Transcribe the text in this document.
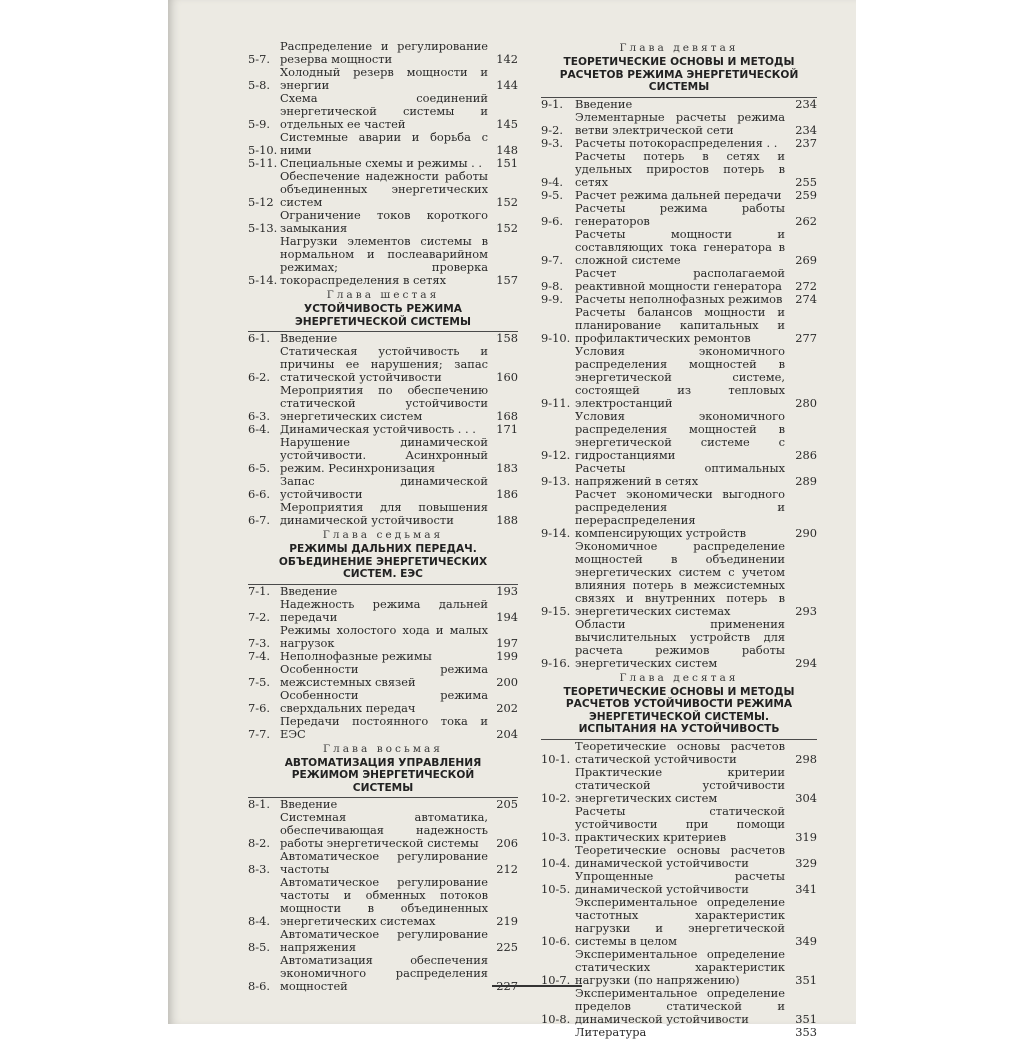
5-7.
Распределение и регулирование резерва мощности	142
5-8.
Холодный резерв мощности и энергии	144
5-9.
Схема соединений энергетической системы и отдельных ее частей	145
5-10.
Системные аварии и борьба с ними	148
5-11. Специальные схемы и режимы . .	151
5-12
Обеспечение надежности работы объединенных энергетических систем	152
5-13.
Ограничение токов короткого замыкания	152
5-14.
Нагрузки элементов системы в нормальном и послеаварийном режимах; проверка токораспределения в сетях	157
Глава шестая
УСТОЙЧИВОСТЬ РЕЖИМА ЭНЕРГЕТИЧЕСКОЙ СИСТЕМЫ
6-1. Введение	158
6-2.
Статическая устойчивость и причины ее нарушения; запас статической устойчивости	160
6-3.
Мероприятия по обеспечению статической устойчивости энергетических систем	168
6-4. Динамическая устойчивость . . .	171
6-5.
Нарушение динамической устойчивости. Асинхронный режим. Ресинхронизация	183
6-6.
Запас динамической устойчивости	186
6-7.
Мероприятия для повышения динамической устойчивости	188
Глава седьмая
РЕЖИМЫ ДАЛЬНИХ ПЕРЕДАЧ. ОБЪЕДИНЕНИЕ ЭНЕРГЕТИЧЕСКИХ СИСТЕМ. ЕЭС
7-1. Введение	193
7-2.
Надежность режима дальней передачи	194
7-3.
Режимы холостого хода и малых нагрузок	197
7-4. Неполнофазные режимы	199
7-5.
Особенности режима межсистемных связей	200
7-6.
Особенности режима сверхдальних передач	202
7-7.
Передачи постоянного тока и ЕЭС	204
Глава восьмая
АВТОМАТИЗАЦИЯ УПРАВЛЕНИЯ РЕЖИМОМ ЭНЕРГЕТИЧЕСКОЙ СИСТЕМЫ
8-1. Введение	205
8-2.
Системная автоматика, обеспечивающая надежность работы энергетической системы	206
8-3.
Автоматическое регулирование частоты	212
8-4.
Автоматическое регулирование частоты и обменных потоков мощности в объединенных энергетических системах	219
8-5.
Автоматическое регулирование напряжения	225
8-6.
Автоматизация обеспечения экономичного распределения мощностей	227
Глава девятая
ТЕОРЕТИЧЕСКИЕ ОСНОВЫ И МЕТОДЫ РАСЧЕТОВ РЕЖИМА ЭНЕРГЕТИЧЕСКОЙ СИСТЕМЫ
9-1.	Введение	234
9-2.
Элементарные расчеты режима ветви электрической сети	234
9-3.	Расчеты потокораспределения . .	237
9-4.
Расчеты потерь в сетях и удельных приростов потерь в сетях	255
9-5.	Расчет режима дальней передачи	259
9-6.
Расчеты режима работы генераторов	262
9-7.
Расчеты мощности и составляющих тока генератора в сложной системе	269
9-8.
Расчет располагаемой реактивной мощности генератора	272
9-9.	Расчеты неполнофазных режимов	274
9-10.
Расчеты балансов мощности и планирование капитальных и профилактических ремонтов	277
9-11.
Условия экономичного распределения мощностей в энергетической системе, состоящей из тепловых электростанций	280
9-12.
Условия экономичного распределения мощностей в энергетической системе с гидростанциями	286
9-13.
Расчеты оптимальных напряжений в сетях	289
9-14.
Расчет экономически выгодного распределения и перераспределения компенсирующих устройств	290
9-15.
Экономичное распределение мощностей в объединении энергетических систем с учетом влияния потерь в межсистемных связях и внутренних потерь в энергетических системах	293
9-16.
Области применения вычислительных устройств для расчета режимов работы энергетических систем	294
Глава десятая
ТЕОРЕТИЧЕСКИЕ ОСНОВЫ И МЕТОДЫ РАСЧЕТОВ УСТОЙЧИВОСТИ РЕЖИМА ЭНЕРГЕТИЧЕСКОЙ СИСТЕМЫ. ИСПЫТАНИЯ НА УСТОЙЧИВОСТЬ
10-1.
Теоретические основы расчетов статической устойчивости	298
10-2.
Практические критерии статической устойчивости энергетических систем	304
10-3.
Расчеты статической устойчивости при помощи практических критериев	319
10-4.
Теоретические основы расчетов динамической устойчивости	329
10-5.
Упрощенные расчеты динамической устойчивости	341
10-6.
Экспериментальное определение частотных характеристик нагрузки и энергетической системы в целом	349
10-7.
Экспериментальное определение статических характеристик нагрузки (по напряжению)	351
10-8.
Экспериментальное определение пределов статической и динамической устойчивости	351
Литература	353
